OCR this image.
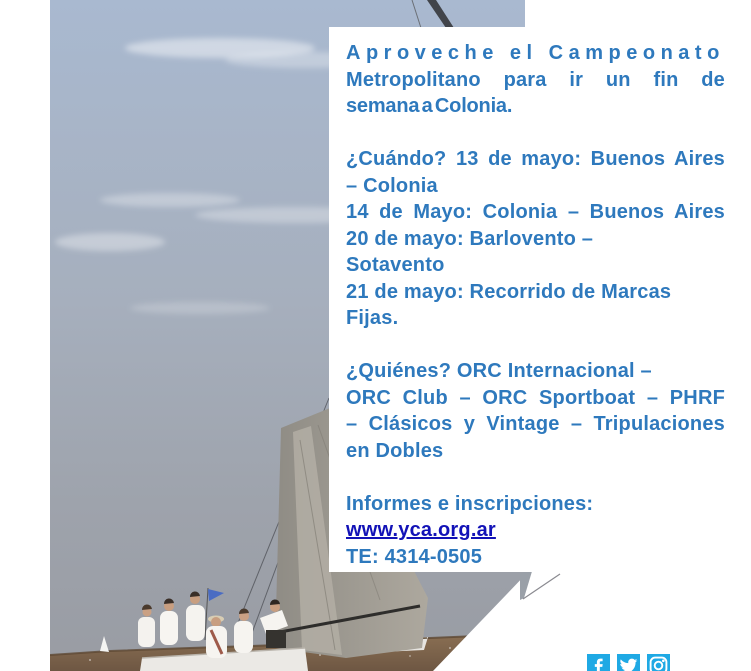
Aproveche el Campeonato
Metropolitano para ir un fin de
semana a Colonia.
¿Cuándo? 13 de mayo: Buenos Aires
– Colonia
14 de Mayo: Colonia – Buenos Aires
20 de mayo: Barlovento –
Sotavento
21 de mayo: Recorrido de Marcas
Fijas.
¿Quiénes? ORC Internacional –
ORC Club – ORC Sportboat – PHRF
– Clásicos y Vintage – Tripulaciones
en Dobles
Informes e inscripciones:
www.yca.org.ar
TE: 4314-0505
